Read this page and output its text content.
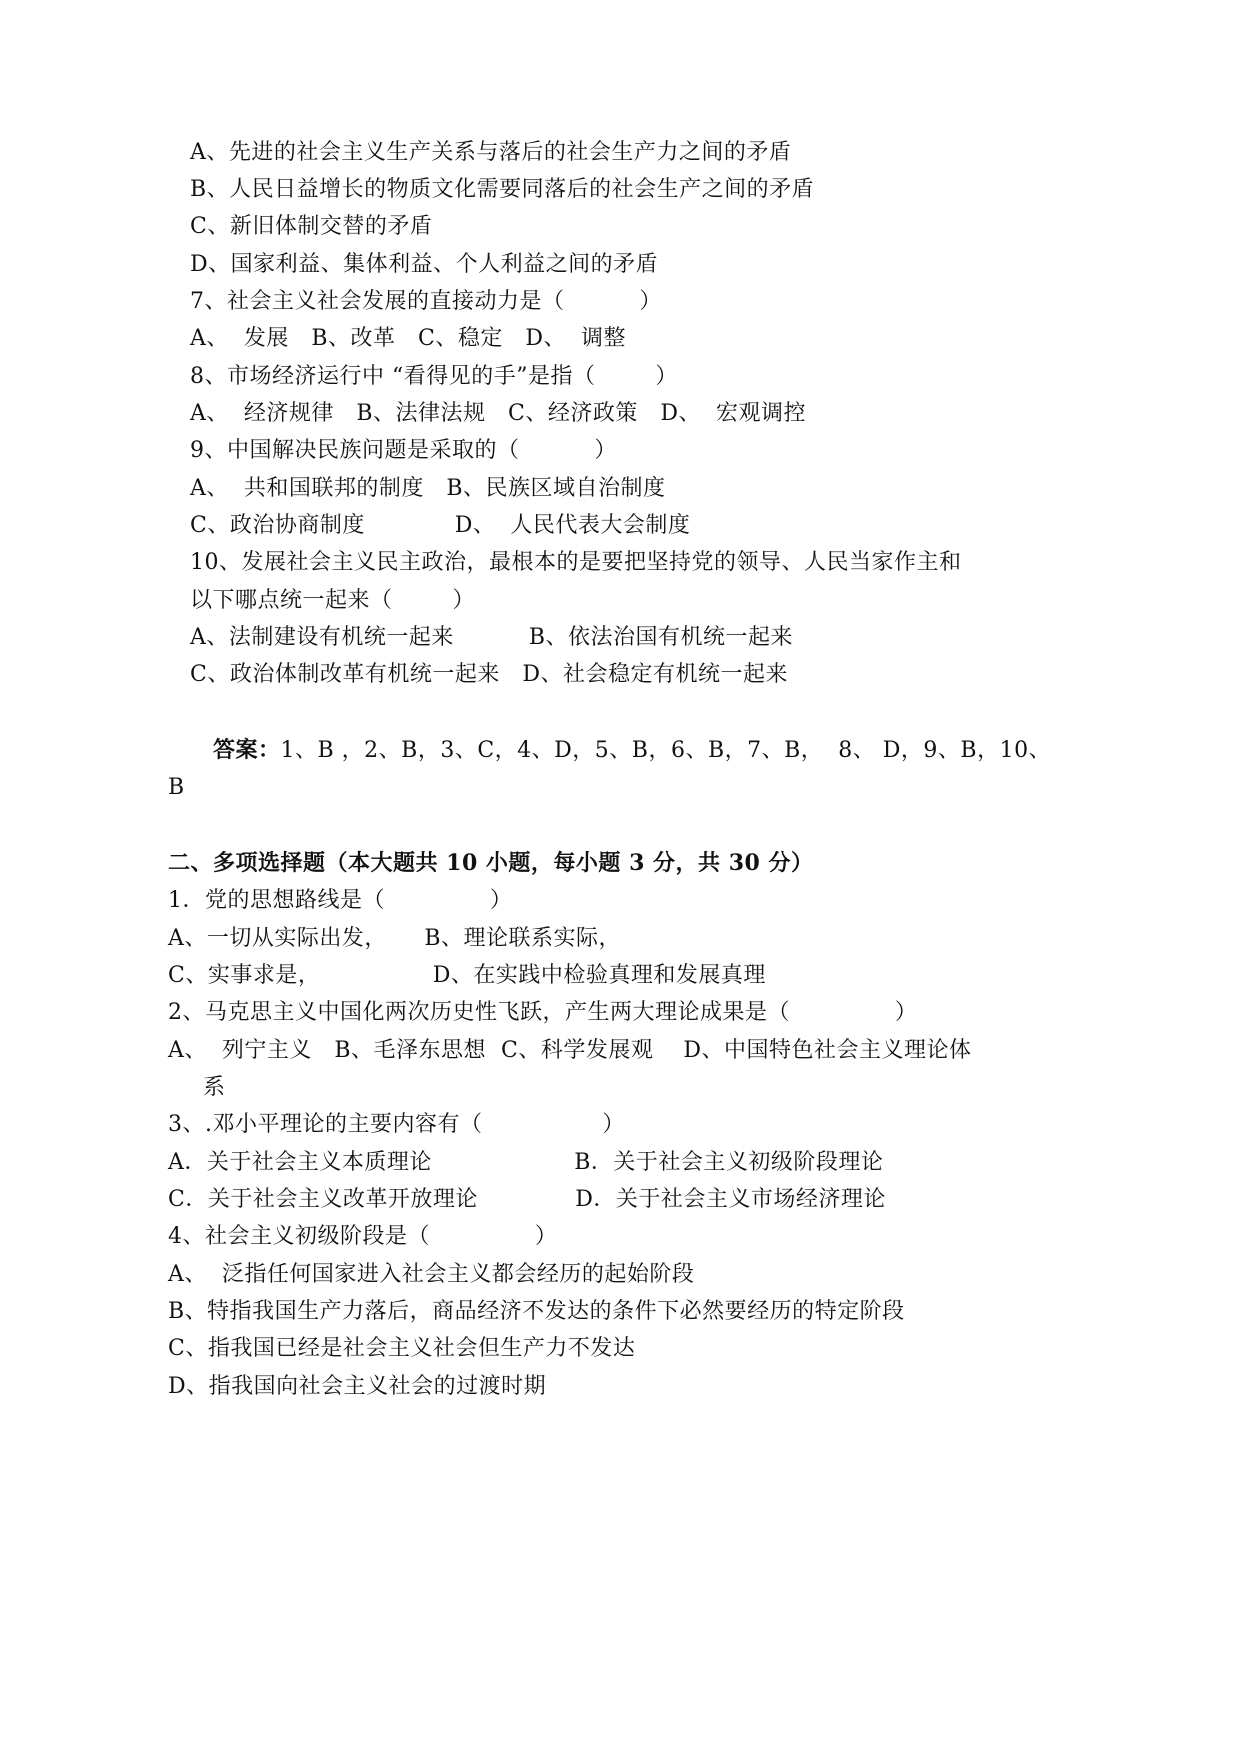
A、先进的社会主义生产关系与落后的社会生产力之间的矛盾
B、人民日益增长的物质文化需要同落后的社会生产之间的矛盾
C、新旧体制交替的矛盾
D、国家利益、集体利益、个人利益之间的矛盾
7、社会主义社会发展的直接动力是（          ）
A、  发展   B、改革   C、稳定   D、  调整
8、市场经济运行中 “看得见的手”是指（        ）
A、  经济规律   B、法律法规   C、经济政策   D、  宏观调控
9、中国解决民族问题是采取的（          ）
A、  共和国联邦的制度   B、民族区域自治制度
C、政治协商制度            D、  人民代表大会制度
10、发展社会主义民主政治，最根本的是要把坚持党的领导、人民当家作主和
以下哪点统一起来（        ）
A、法制建设有机统一起来          B、依法治国有机统一起来
C、政治体制改革有机统一起来   D、社会稳定有机统一起来
答案：1、B ，2、B，3、C，4、D，5、B，6、B，7、B，  8、 D，9、B，10、
B
二、多项选择题（本大题共 10 小题，每小题 3 分，共 30 分）
1．党的思想路线是（              ）
A、一切从实际出发，     B、理论联系实际，
C、实事求是，               D、在实践中检验真理和发展真理
2、马克思主义中国化两次历史性飞跃，产生两大理论成果是（              ）
A、  列宁主义   B、毛泽东思想  C、科学发展观    D、中国特色社会主义理论体
系
3、.邓小平理论的主要内容有（                ）
A．关于社会主义本质理论                   B．关于社会主义初级阶段理论
C．关于社会主义改革开放理论             D．关于社会主义市场经济理论
4、社会主义初级阶段是（              ）
A、  泛指任何国家进入社会主义都会经历的起始阶段
B、特指我国生产力落后，商品经济不发达的条件下必然要经历的特定阶段
C、指我国已经是社会主义社会但生产力不发达
D、指我国向社会主义社会的过渡时期
